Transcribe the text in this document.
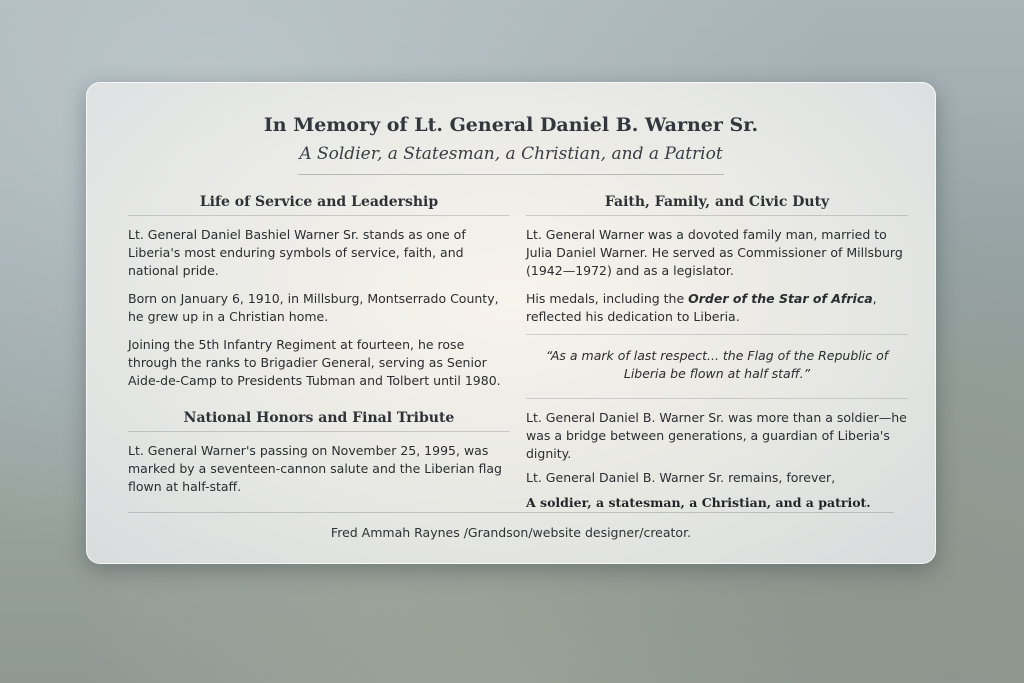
In Memory of Lt. General Daniel B. Warner Sr.

A Soldier, a Statesman, a Christian, and a Patriot

Life of Service and Leadership

Lt. General Daniel Bashiel Warner Sr. stands as one of Liberia's most enduring symbols of service, faith, and national pride.

Born on January 6, 1910, in Millsburg, Montserrado County, he grew up in a Christian home.

Joining the 5th Infantry Regiment at fourteen, he rose through the ranks to Brigadier General, serving as Senior Aide-de-Camp to Presidents Tubman and Tolbert until 1980.

National Honors and Final Tribute

Lt. General Warner's passing on November 25, 1995, was marked by a seventeen-cannon salute and the Liberian flag flown at half-staff.

Faith, Family, and Civic Duty

Lt. General Warner was a dovoted family man, married to Julia Daniel Warner. He served as Commissioner of Millsburg (1942—1972) and as a legislator.

His medals, including the Order of the Star of Africa, reflected his dedication to Liberia.

“As a mark of last respect... the Flag of the Republic of Liberia be flown at half staff.”

Lt. General Daniel B. Warner Sr. was more than a soldier—he was a bridge between generations, a guardian of Liberia's dignity.

Lt. General Daniel B. Warner Sr. remains, forever,

A soldier, a statesman, a Christian, and a patriot.

Fred Ammah Raynes /Grandson/website designer/creator.
